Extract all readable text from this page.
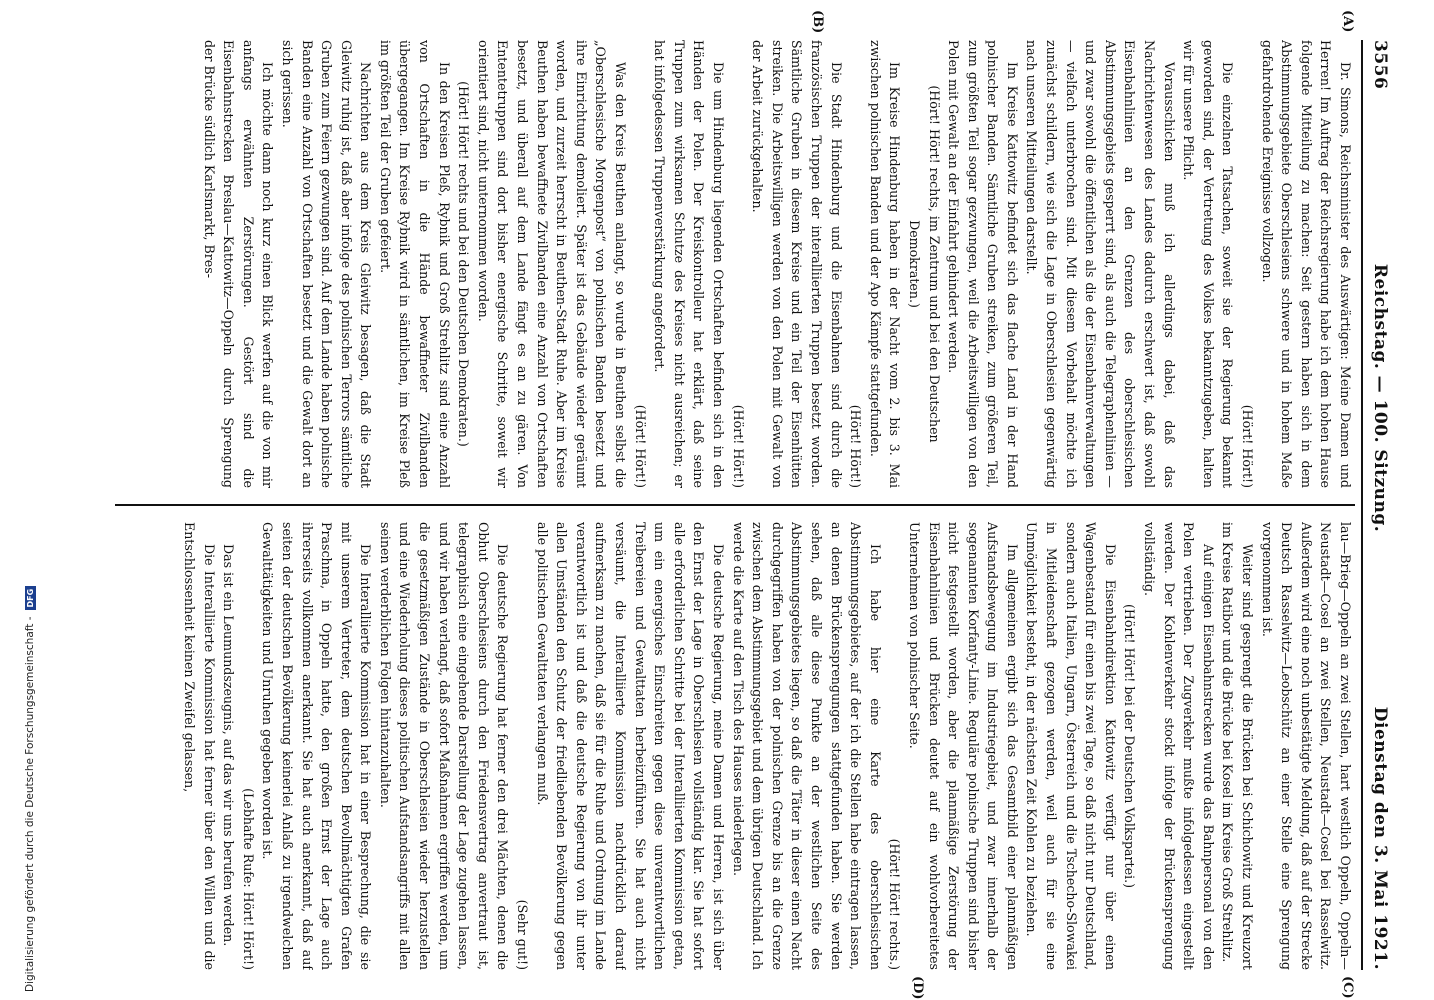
3556
Reichstag. — 100. Sitzung.
Dienstag den 3. Mai 1921.
(A)
(B)
(C)
(D)

Dr. Simons, Reichsminister des Auswärtigen: Meine Damen und Herren! Im Auftrag der Reichsregierung habe ich dem hohen Hause folgende Mitteilung zu machen: Seit gestern haben sich in dem Abstimmungsgebiete Oberschlesiens schwere und in hohem Maße gefahrdrohende Ereignisse vollzogen.

(Hört! Hört!)

Die einzelnen Tatsachen, soweit sie der Regierung bekannt geworden sind, der Vertretung des Volkes bekanntzugeben, halten wir für unsere Pflicht.

Vorausschicken muß ich allerdings dabei, daß das Nachrichtenwesen des Landes dadurch erschwert ist, daß sowohl Eisenbahnlinien an den Grenzen des oberschlesischen Abstimmungsgebiets gesperrt sind, als auch die Telegraphenlinien — und zwar sowohl die öffentlichen als die der Eisenbahnverwaltungen — vielfach unterbrochen sind. Mit diesem Vorbehalt möchte ich zunächst schildern, wie sich die Lage in Oberschlesien gegenwärtig nach unseren Mitteilungen darstellt.

Im Kreise Kattowitz befindet sich das flache Land in der Hand polnischer Banden. Sämtliche Gruben streiken, zum größeren Teil, zum größten Teil sogar gezwungen, weil die Arbeitswilligen von den Polen mit Gewalt an der Einfahrt gehindert werden.

(Hört! Hört! rechts, im Zentrum und bei den Deutschen Demokraten.)

Im Kreise Hindenburg haben in der Nacht vom 2. bis 3. Mai zwischen polnischen Banden und der Apo Kämpfe stattgefunden.

(Hört! Hört!)

Die Stadt Hindenburg und die Eisenbahnen sind durch die französischen Truppen der interalliierten Truppen besetzt worden. Sämtliche Gruben in diesem Kreise und ein Teil der Eisenhütten streiken. Die Arbeitswilligen werden von den Polen mit Gewalt von der Arbeit zurückgehalten.

(Hört! Hört!)

Die um Hindenburg liegenden Ortschaften befinden sich in den Händen der Polen. Der Kreiskontrolleur hat erklärt, daß seine Truppen zum wirksamen Schutze des Kreises nicht ausreichen; er hat infolgedessen Truppenverstärkung angefordert.

(Hört! Hört!)

Was den Kreis Beuthen anlangt, so wurde in Beuthen selbst die „Oberschlesische Morgenpost“ von polnischen Banden besetzt und ihre Einrichtung demoliert. Später ist das Gebäude wieder geräumt worden, und zurzeit herrscht in Beuthen-Stadt Ruhe. Aber im Kreise Beuthen haben bewaffnete Zivilbanden eine Anzahl von Ortschaften besetzt, und überall auf dem Lande fängt es an zu gären. Von Ententetruppen sind dort bisher energische Schritte, soweit wir orientiert sind, nicht unternommen worden.

(Hört! Hört! rechts und bei den Deutschen Demokraten.)

In den Kreisen Pleß, Rybnik und Groß Strehlitz sind eine Anzahl von Ortschaften in die Hände bewaffneter Zivilbanden übergegangen. Im Kreise Rybnik wird in sämtlichen, im Kreise Pleß im größten Teil der Gruben gefeiert.

Nachrichten aus dem Kreis Gleiwitz besagen, daß die Stadt Gleiwitz ruhig ist, daß aber infolge des polnischen Terrors sämtliche Gruben zum Feiern gezwungen sind. Auf dem Lande haben polnische Banden eine Anzahl von Ortschaften besetzt und die Gewalt dort an sich gerissen.

Ich möchte dann noch kurz einen Blick werfen auf die von mir anfangs erwähnten Zerstörungen. Gestört sind die Eisenbahnstrecken Breslau—Kattowitz—Oppeln durch Sprengung der Brücke südlich Karlsmarkt, Bres-

lau—Brieg—Oppeln an zwei Stellen, hart westlich Oppeln, Oppeln—Neustadt—Cosel an zwei Stellen, Neustadt—Cosel bei Rasselwitz. Außerdem wird eine noch unbestätigte Meldung, daß auf der Strecke Deutsch Rasselwitz—Leobschütz an einer Stelle eine Sprengung vorgenommen ist.

Weiter sind gesprengt die Brücken bei Schichowitz und Kreuzort im Kreise Ratibor und die Brücke bei Kosel im Kreise Groß Strehlitz.

Auf einigen Eisenbahnstrecken wurde das Bahnpersonal von den Polen vertrieben. Der Zugverkehr mußte infolgedessen eingestellt werden. Der Kohlenverkehr stockt infolge der Brückensprengung vollständig.

(Hört! Hört! bei der Deutschen Volkspartei.)

Die Eisenbahndirektion Kattowitz verfügt nur über einen Wagenbestand für einen bis zwei Tage, so daß nicht nur Deutschland, sondern auch Italien, Ungarn, Österreich und die Tschecho-Slowakei in Mitleidenschaft gezogen werden, weil auch für sie eine Unmöglichkeit besteht, in der nächsten Zeit Kohlen zu beziehen.

Im allgemeinen ergibt sich das Gesamtbild einer planmäßigen Aufstandsbewegung im Industriegebiet, und zwar innerhalb der sogenannten Korfanty-Linie. Reguläre polnische Truppen sind bisher nicht festgestellt worden, aber die planmäßige Zerstörung der Eisenbahnlinien und Brücken deutet auf ein wohlvorbereitetes Unternehmen von polnischer Seite.

(Hört! Hört! rechts.)

Ich habe hier eine Karte des oberschlesischen Abstimmungsgebietes, auf der ich die Stellen habe eintragen lassen, an denen Brückensprengungen stattgefunden haben. Sie werden sehen, daß alle diese Punkte an der westlichen Seite des Abstimmungsgebietes liegen, so daß die Täter in dieser einen Nacht durchgegriffen haben von der polnischen Grenze bis an die Grenze zwischen dem Abstimmungsgebiet und dem übrigen Deutschland. Ich werde die Karte auf den Tisch des Hauses niederlegen.

Die deutsche Regierung, meine Damen und Herren, ist sich über den Ernst der Lage in Oberschlesien vollständig klar. Sie hat sofort alle erforderlichen Schritte bei der Interalliierten Kommission getan, um ein energisches Einschreiten gegen diese unverantwortlichen Treibereien und Gewalttaten herbeizuführen. Sie hat auch nicht versäumt, die Interalliierte Kommission nachdrücklich darauf aufmerksam zu machen, daß sie für die Ruhe und Ordnung im Lande verantwortlich ist und daß die deutsche Regierung von ihr unter allen Umständen den Schutz der friedliebenden Bevölkerung gegen alle politischen Gewalttaten verlangen muß.

(Sehr gut!)

Die deutsche Regierung hat ferner den drei Mächten, denen die Obhut Oberschlesiens durch den Friedensvertrag anvertraut ist, telegraphisch eine eingehende Darstellung der Lage zugehen lassen, und wir haben verlangt, daß sofort Maßnahmen ergriffen werden, um die gesetzmäßigen Zustände in Oberschlesien wieder herzustellen und eine Wiederholung dieses politischen Aufstandsangriffs mit allen seinen verderblichen Folgen hintanzuhalten.

Die Interalliierte Kommission hat in einer Besprechung, die sie mit unserem Vertreter, dem deutschen Bevollmächtigten Grafen Praschma, in Oppeln hatte, den großen Ernst der Lage auch ihrerseits vollkommen anerkannt. Sie hat auch anerkannt, daß auf seiten der deutschen Bevölkerung keinerlei Anlaß zu irgendwelchen Gewalttätigkeiten und Unruhen gegeben worden ist.

(Lebhafte Rufe: Hört! Hört!)

Das ist ein Leumundszeugnis, auf das wir uns berufen werden.

Die Interalliierte Kommission hat ferner über den Willen und die Entschlossenheit keinen Zweifel gelassen,

Digitalisierung gefördert durch die Deutsche Forschungsgemeinschaft -
DFG
